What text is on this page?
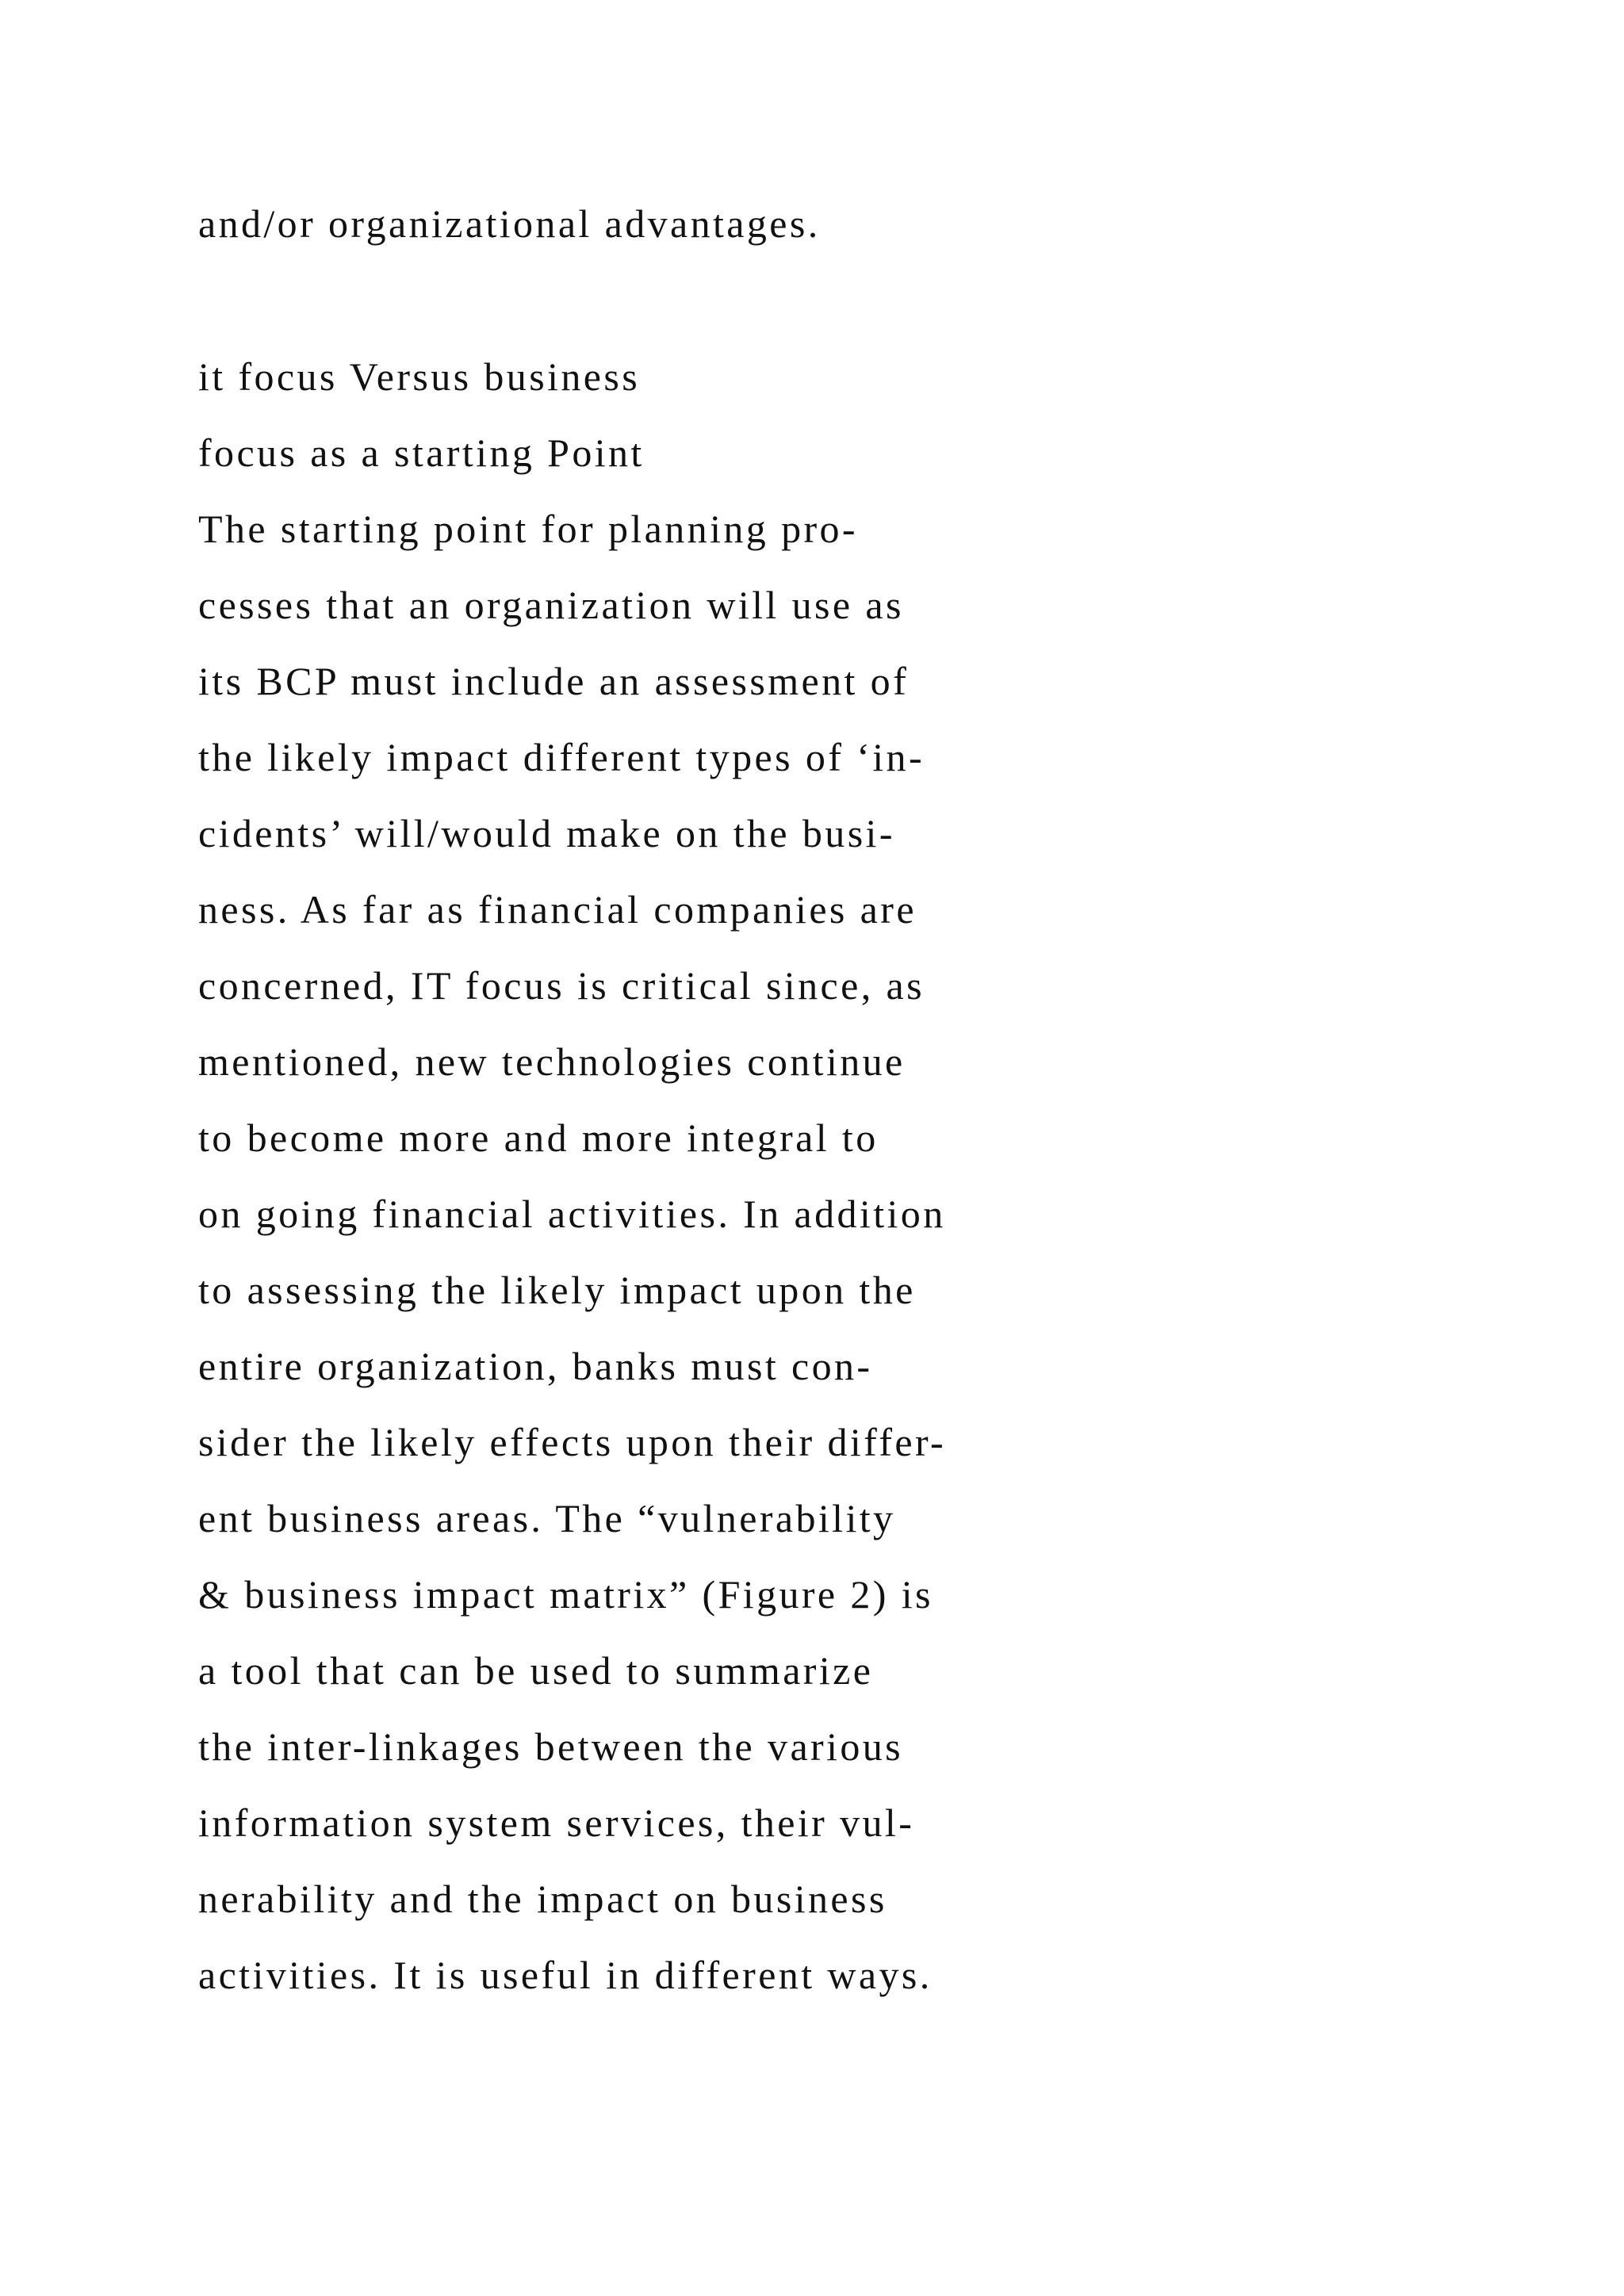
and/or organizational advantages.
it focus Versus business
focus as a starting Point
The starting point for planning pro-
cesses that an organization will use as
its BCP must include an assessment of
the likely impact different types of ‘in-
cidents’ will/would make on the busi-
ness. As far as financial companies are
concerned, IT focus is critical since, as
mentioned, new technologies continue
to become more and more integral to
on going financial activities. In addition
to assessing the likely impact upon the
entire organization, banks must con-
sider the likely effects upon their differ-
ent business areas. The “vulnerability
& business impact matrix” (Figure 2) is
a tool that can be used to summarize
the inter-linkages between the various
information system services, their vul-
nerability and the impact on business
activities. It is useful in different ways.
